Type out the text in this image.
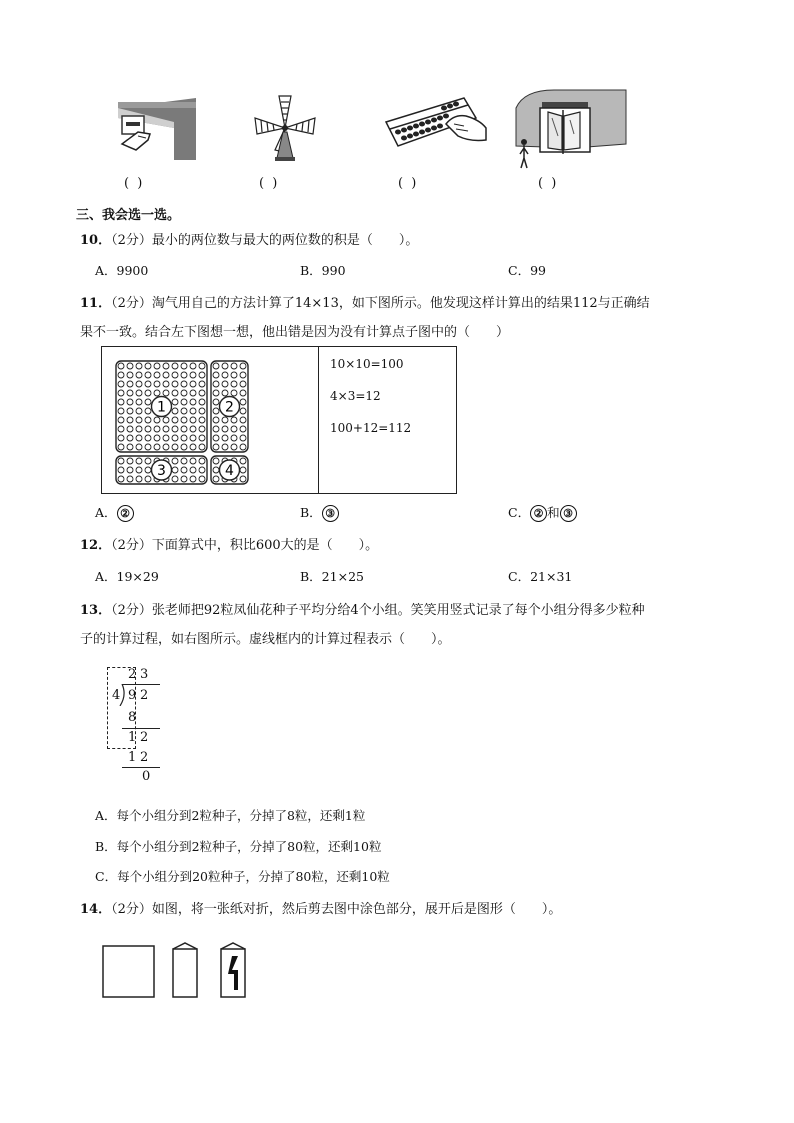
( )	( )	( )	( )
三、我会选一选。
10．（2分）最小的两位数与最大的两位数的积是（　　）。
A．9900	B．990	C．99
11．（2分）淘气用自己的方法计算了14×13，如下图所示。他发现这样计算出的结果112与正确结
果不一致。结合左下图想一想，他出错是因为没有计算点子图中的（　　）
1	2
3	4
10×10=100
4×3=12
100+12=112
A． ②	B． ③	C． ② 和 ③
12．（2分）下面算式中，积比600大的是（　　）。
A．19×29	B．21×25	C．21×31
13．（2分）张老师把92粒凤仙花种子平均分给4个小组。笑笑用竖式记录了每个小组分得多少粒种
子的计算过程，如右图所示。虚线框内的计算过程表示（　　）。
2 3
4 9 2
8
1 2
1 2
0
A．每个小组分到2粒种子，分掉了8粒，还剩1粒
B．每个小组分到2粒种子，分掉了80粒，还剩10粒
C．每个小组分到20粒种子，分掉了80粒，还剩10粒
14．（2分）如图，将一张纸对折，然后剪去图中涂色部分，展开后是图形（　　）。
